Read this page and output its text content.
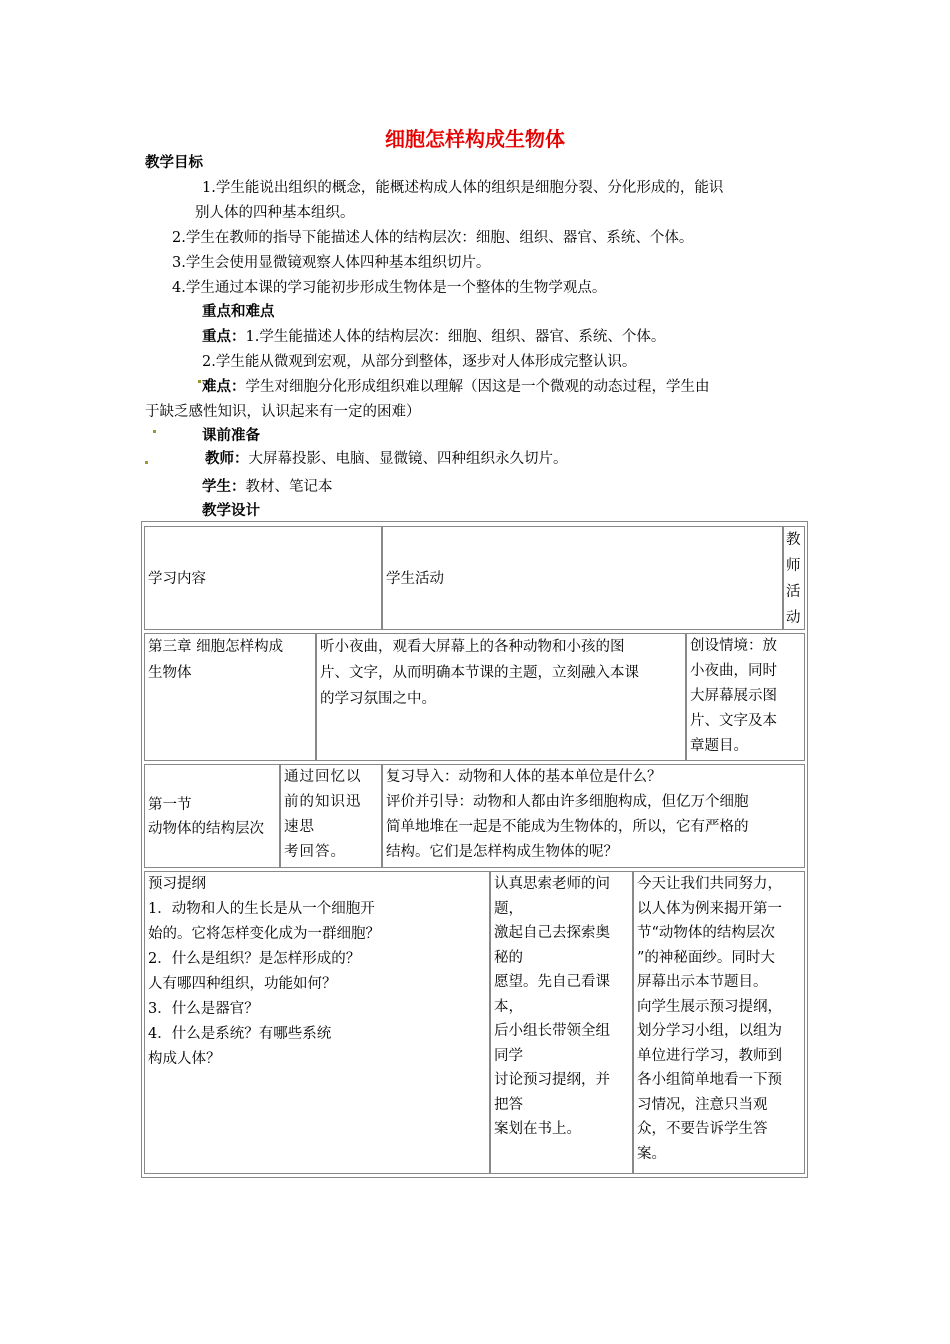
细胞怎样构成生物体
教学目标
1.学生能说出组织的概念，能概述构成人体的组织是细胞分裂、分化形成的，能识
别人体的四种基本组织。
2.学生在教师的指导下能描述人体的结构层次：细胞、组织、器官、系统、个体。
3.学生会使用显微镜观察人体四种基本组织切片。
4.学生通过本课的学习能初步形成生物体是一个整体的生物学观点。
重点和难点
重点：1.学生能描述人体的结构层次：细胞、组织、器官、系统、个体。
2.学生能从微观到宏观，从部分到整体，逐步对人体形成完整认识。
难点：学生对细胞分化形成组织难以理解（因这是一个微观的动态过程，学生由
于缺乏感性知识，认识起来有一定的困难）
课前准备
教师：大屏幕投影、电脑、显微镜、四种组织永久切片。
学生：教材、笔记本
教学设计
学习内容	学生活动
教
师
活
动
第三章 细胞怎样构成
生物体
听小夜曲，观看大屏幕上的各种动物和小孩的图
片、文字，从而明确本节课的主题，立刻融入本课
的学习氛围之中。
创设情境：放
小夜曲，同时
大屏幕展示图
片、文字及本
章题目。
第一节
动物体的结构层次
通过回忆以
前的知识迅
速思
考回答。
复习导入：动物和人体的基本单位是什么？
评价并引导：动物和人都由许多细胞构成，但亿万个细胞
简单地堆在一起是不能成为生物体的，所以，它有严格的
结构。它们是怎样构成生物体的呢？
预习提纲
1．动物和人的生长是从一个细胞开
始的。它将怎样变化成为一群细胞？
2．什么是组织？是怎样形成的？
人有哪四种组织，功能如何？
3．什么是器官？
4．什么是系统？有哪些系统
构成人体？
认真思索老师的问
题，
激起自己去探索奥
秘的
愿望。先自己看课
本，
后小组长带领全组
同学
讨论预习提纲，并
把答
案划在书上。
今天让我们共同努力，
以人体为例来揭开第一
节“动物体的结构层次
”的神秘面纱。同时大
屏幕出示本节题目。
向学生展示预习提纲，
划分学习小组，以组为
单位进行学习，教师到
各小组简单地看一下预
习情况，注意只当观
众，不要告诉学生答
案。
